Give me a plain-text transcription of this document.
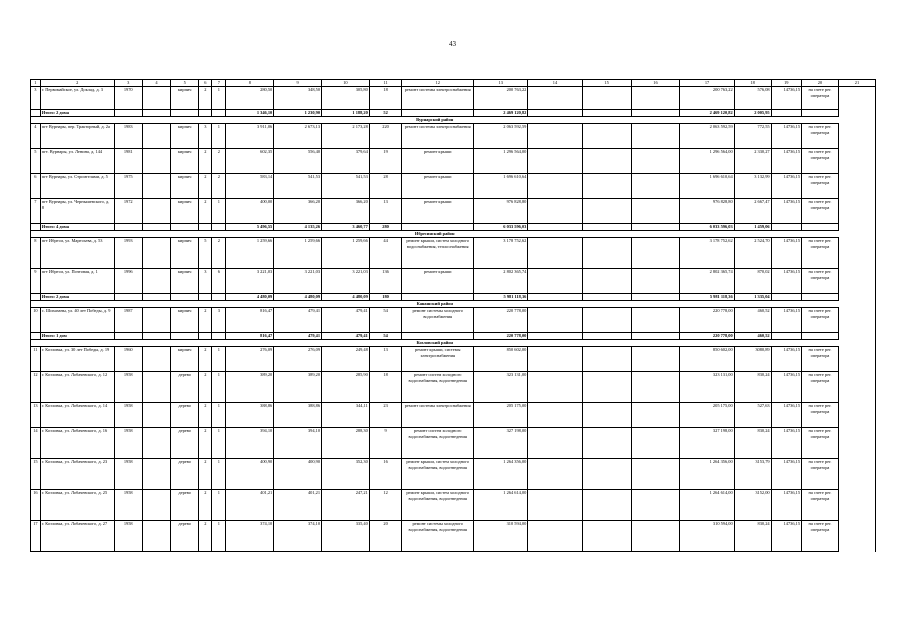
43
1	2	3	4	5	6	7	8	9	10	11	12	13	14	15	16	17	18	19	20	21
3	г. Первомайское, ул. Доклад, д. 3	1970		кирпич	2	1	280,50	348,50	305,80	18	ремонт системы электроснабжения	200 763,22				200 763,22	576,08	14736,15	на счете рег. оператора	
	Итого: 2 дома						1 346,10	1 230,90	1 188,20	52		2 469 120,82				2 469 120,82	2 005,95			
Вурнарский район																				
4	пгт Вурнары, пер. Тракторный, д. 2а	1983		кирпич	3	1	3 911,06	2 673,13	2 173,28	220	ремонт системы электроснабжения	2 063 592,59				2 063 592,59	772,55	14736,15	на счете рег. оператора	
5	пгт. Вурнары, ул. Ленина, д. 144	1981		кирпич	2	2	602,35	556,40	379,64	19	ремонт крыши	1 296 564,00				1 296 564,00	2 330,27	14736,15	на счете рег. оператора	
6	пгт Вурнары, ул. Строителями, д. 5	1975		кирпич	2	2	583,14	541,53	541,53	28	ремонт крыши	1 696 610,64				1 696 610,64	3 132,99	14736,15	на счете рег. оператора	
7	пгт Вурнары, ул. Чернышевского, д. 8	1972		кирпич	2	1	400,00	366,20	366,20	13	ремонт крыши	976 828,80				976 828,80	2 667,47	14736,15	на счете рег. оператора	
	Итого: 4 дома						5 496,55	4 135,26	3 460,77	280		6 033 596,03				6 033 596,03	1 459,06			
Ибресинский район																				
8	пгт Ибреси, ул. Маресьева, д. 53	1993		кирпич	5	2	1 259,66	1 259,66	1 259,66	44	ремонт крыши, систем холодного водоснабжения, теплоснабжения	3 178 752,62				3 178 752,62	2 524,70	14736,15	на счете рег. оператора	
9	пгт Ибреси, ул. Почтовая, д. 1	1996		кирпич	3	6	3 221,03	3 221,03	3 221,03	136	ремонт крыши	2 802 365,74				2 802 365,74	870,02	14736,15	на счете рег. оператора	
	Итого: 2 дома						4 480,09	4 480,09	4 480,09	180		5 981 118,36				5 981 118,36	1 335,04			
Канашский район																				
10	с. Шихазаны, ул. 40 лет Победы, д. 9	1987		кирпич	2	3	816,47	479,41	479,41	54	ремонт системы холодного водоснабжения	220 778,00				220 778,00	460,52	14736,15	на счете рег. оператора	
	Итого: 1 дом						816,47	479,41	479,41	54		220 778,00				220 778,00	460,52			
Козловский район																				
11	г. Козловка, ул. 30 лет Победы, д. 19	1960		кирпич	2	1	276,09	276,09	249,48	13	ремонт крыши, системы электроснабжения	850 602,00				850 602,00	3080,89	14736,15	на счете рег. оператора	
12	г. Козловка, ул. Лобачевского, д. 12	1958		дерево	2	1	389,20	389,20	285,90	18	ремонт систем холодного водоснабжения, водоотведения	323 131,00				323 131,00	830,24	14736,15	на счете рег. оператора	
13	г. Козловка, ул. Лобачевского, д. 14	1958		дерево	2	1	388,86	388,86	344,11	23	ремонт системы электроснабжения	205 175,00				205 175,00	527,63	14736,15	на счете рег. оператора	
14	г. Козловка, ул. Лобачевского, д. 16	1958		дерево	2	1	394,10	394,10	288,30	9	ремонт систем холодного водоснабжения, водоотведения	327 198,00				327 198,00	830,24	14736,15	на счете рег. оператора	
15	г. Козловка, ул. Лобачевского, д. 23	1958		дерево	2	1	400,90	400,90	352,30	16	ремонт крыши, систем холодного водоснабжения, водоотведения	1 264 356,00				1 264 356,00	3153,79	14736,15	на счете рег. оператора	
16	г. Козловка, ул. Лобачевского, д. 25	1958		дерево	2	1	401,21	401,21	247,21	12	ремонт крыши, систем холодного водоснабжения, водоотведения	1 264 614,00				1 264 614,00	3152,00	14736,15	на счете рег. оператора	
17	г. Козловка, ул. Лобачевского, д. 27	1958		дерево	2	1	374,10	374,10	335,40	20	ремонт системы холодного водоснабжения, водоотведения	310 594,00				310 594,00	830,24	14736,15	на счете рег. оператора	
